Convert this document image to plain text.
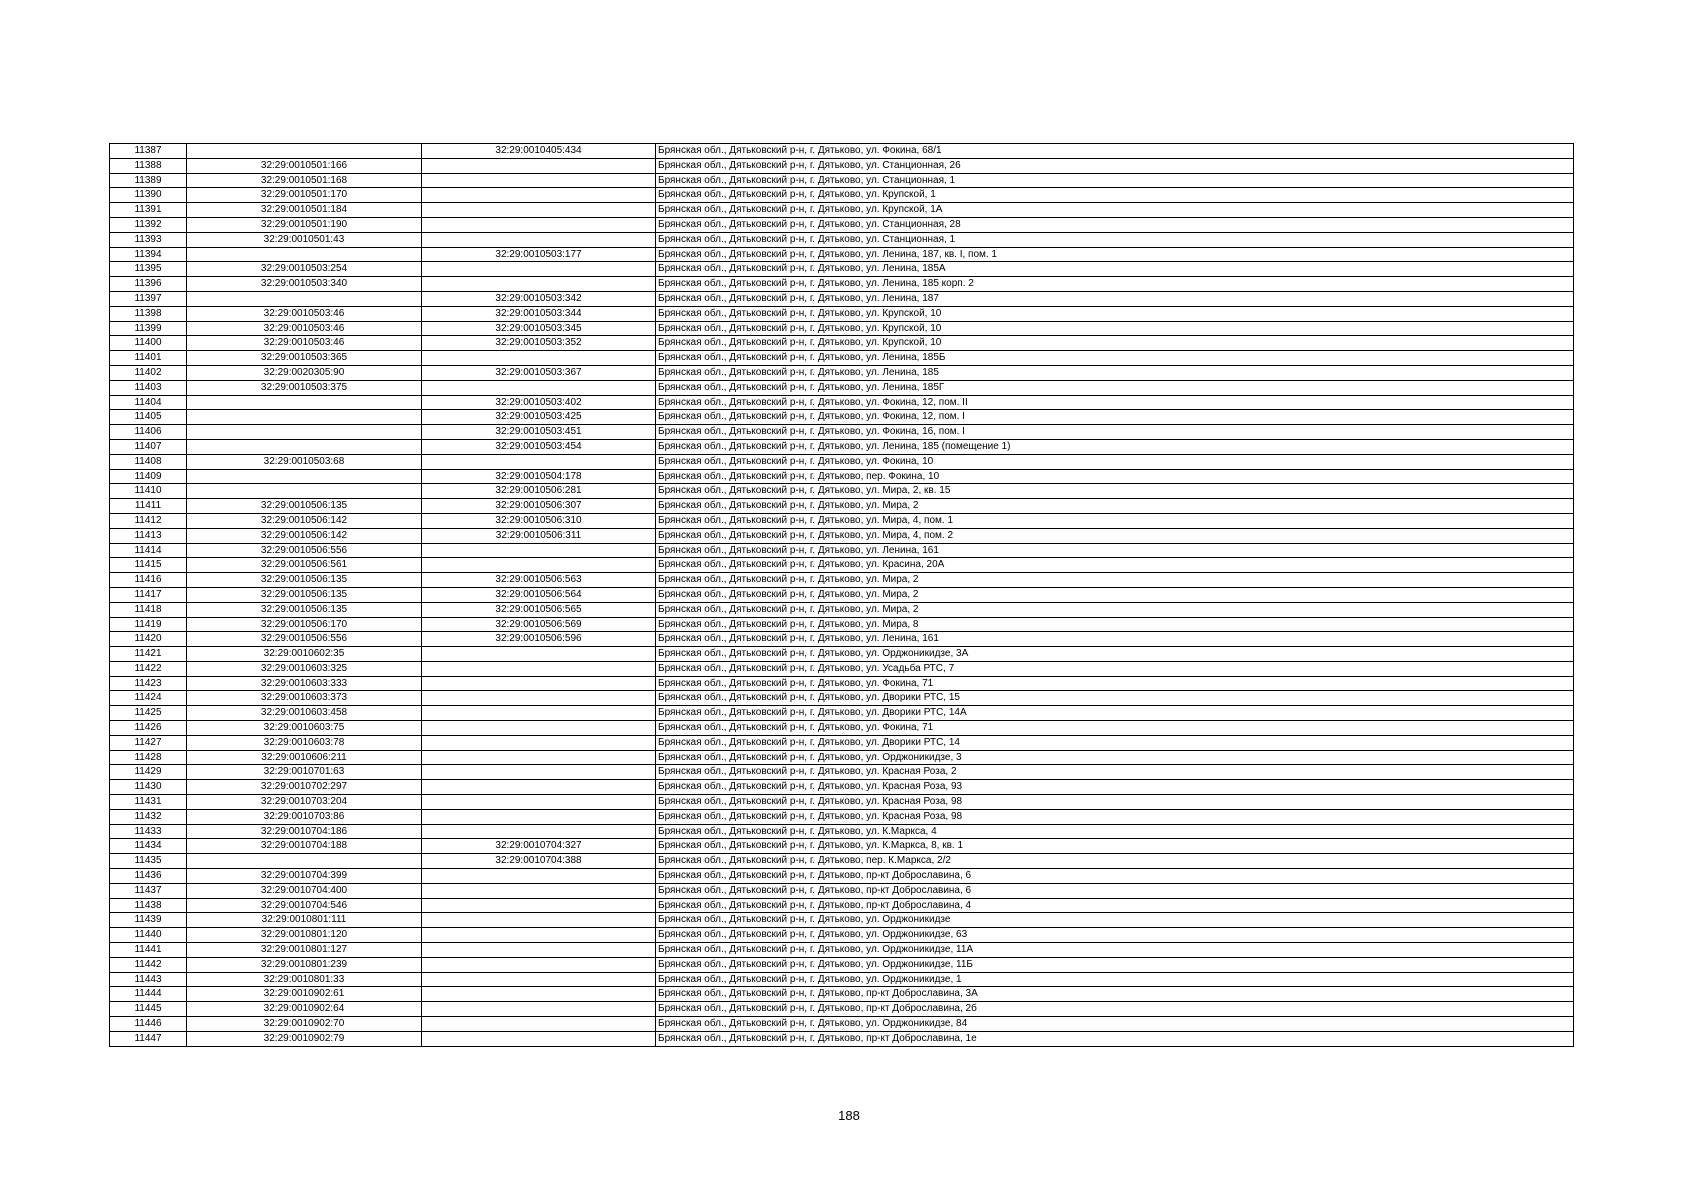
11387		32:29:0010405:434	Брянская обл., Дятьковский р-н, г. Дятьково, ул. Фокина, 68/1
11388	32:29:0010501:166		Брянская обл., Дятьковский р-н, г. Дятьково, ул. Станционная, 26
11389	32:29:0010501:168		Брянская обл., Дятьковский р-н, г. Дятьково, ул. Станционная, 1
11390	32:29:0010501:170		Брянская обл., Дятьковский р-н, г. Дятьково, ул. Крупской, 1
11391	32:29:0010501:184		Брянская обл., Дятьковский р-н, г. Дятьково, ул. Крупской, 1А
11392	32:29:0010501:190		Брянская обл., Дятьковский р-н, г. Дятьково, ул. Станционная, 28
11393	32:29:0010501:43		Брянская обл., Дятьковский р-н, г. Дятьково, ул. Станционная, 1
11394		32:29:0010503:177	Брянская обл., Дятьковский р-н, г. Дятьково, ул. Ленина, 187, кв. I, пом. 1
11395	32:29:0010503:254		Брянская обл., Дятьковский р-н, г. Дятьково, ул. Ленина, 185А
11396	32:29:0010503:340		Брянская обл., Дятьковский р-н, г. Дятьково, ул. Ленина, 185 корп. 2
11397		32:29:0010503:342	Брянская обл., Дятьковский р-н, г. Дятьково, ул. Ленина, 187
11398	32:29:0010503:46	32:29:0010503:344	Брянская обл., Дятьковский р-н, г. Дятьково, ул. Крупской, 10
11399	32:29:0010503:46	32:29:0010503:345	Брянская обл., Дятьковский р-н, г. Дятьково, ул. Крупской, 10
11400	32:29:0010503:46	32:29:0010503:352	Брянская обл., Дятьковский р-н, г. Дятьково, ул. Крупской, 10
11401	32:29:0010503:365		Брянская обл., Дятьковский р-н, г. Дятьково, ул. Ленина, 185Б
11402	32:29:0020305:90	32:29:0010503:367	Брянская обл., Дятьковский р-н, г. Дятьково, ул. Ленина, 185
11403	32:29:0010503:375		Брянская обл., Дятьковский р-н, г. Дятьково, ул. Ленина, 185Г
11404		32:29:0010503:402	Брянская обл., Дятьковский р-н, г. Дятьково, ул. Фокина, 12, пом. II
11405		32:29:0010503:425	Брянская обл., Дятьковский р-н, г. Дятьково, ул. Фокина, 12, пом. I
11406		32:29:0010503:451	Брянская обл., Дятьковский р-н, г. Дятьково, ул. Фокина, 16, пом. I
11407		32:29:0010503:454	Брянская обл., Дятьковский р-н, г. Дятьково, ул. Ленина, 185 (помещение 1)
11408	32:29:0010503:68		Брянская обл., Дятьковский р-н, г. Дятьково, ул. Фокина, 10
11409		32:29:0010504:178	Брянская обл., Дятьковский р-н, г. Дятьково, пер. Фокина, 10
11410		32:29:0010506:281	Брянская обл., Дятьковский р-н, г. Дятьково, ул. Мира, 2, кв. 15
11411	32:29:0010506:135	32:29:0010506:307	Брянская обл., Дятьковский р-н, г. Дятьково, ул. Мира, 2
11412	32:29:0010506:142	32:29:0010506:310	Брянская обл., Дятьковский р-н, г. Дятьково, ул. Мира, 4, пом. 1
11413	32:29:0010506:142	32:29:0010506:311	Брянская обл., Дятьковский р-н, г. Дятьково, ул. Мира, 4, пом. 2
11414	32:29:0010506:556		Брянская обл., Дятьковский р-н, г. Дятьково, ул. Ленина, 161
11415	32:29:0010506:561		Брянская обл., Дятьковский р-н, г. Дятьково, ул. Красина, 20А
11416	32:29:0010506:135	32:29:0010506:563	Брянская обл., Дятьковский р-н, г. Дятьково, ул. Мира, 2
11417	32:29:0010506:135	32:29:0010506:564	Брянская обл., Дятьковский р-н, г. Дятьково, ул. Мира, 2
11418	32:29:0010506:135	32:29:0010506:565	Брянская обл., Дятьковский р-н, г. Дятьково, ул. Мира, 2
11419	32:29:0010506:170	32:29:0010506:569	Брянская обл., Дятьковский р-н, г. Дятьково, ул. Мира, 8
11420	32:29:0010506:556	32:29:0010506:596	Брянская обл., Дятьковский р-н, г. Дятьково, ул. Ленина, 161
11421	32:29:0010602:35		Брянская обл., Дятьковский р-н, г. Дятьково, ул. Орджоникидзе, 3А
11422	32:29:0010603:325		Брянская обл., Дятьковский р-н, г. Дятьково, ул. Усадьба РТС, 7
11423	32:29:0010603:333		Брянская обл., Дятьковский р-н, г. Дятьково, ул. Фокина, 71
11424	32:29:0010603:373		Брянская обл., Дятьковский р-н, г. Дятьково, ул. Дворики РТС, 15
11425	32:29:0010603:458		Брянская обл., Дятьковский р-н, г. Дятьково, ул. Дворики РТС, 14А
11426	32:29:0010603:75		Брянская обл., Дятьковский р-н, г. Дятьково, ул. Фокина, 71
11427	32:29:0010603:78		Брянская обл., Дятьковский р-н, г. Дятьково, ул. Дворики РТС, 14
11428	32:29:0010606:211		Брянская обл., Дятьковский р-н, г. Дятьково, ул. Орджоникидзе, 3
11429	32:29:0010701:63		Брянская обл., Дятьковский р-н, г. Дятьково, ул. Красная Роза, 2
11430	32:29:0010702:297		Брянская обл., Дятьковский р-н, г. Дятьково, ул. Красная Роза, 93
11431	32:29:0010703:204		Брянская обл., Дятьковский р-н, г. Дятьково, ул. Красная Роза, 98
11432	32:29:0010703:86		Брянская обл., Дятьковский р-н, г. Дятьково, ул. Красная Роза, 98
11433	32:29:0010704:186		Брянская обл., Дятьковский р-н, г. Дятьково, ул. К.Маркса, 4
11434	32:29:0010704:188	32:29:0010704:327	Брянская обл., Дятьковский р-н, г. Дятьково, ул. К.Маркса, 8, кв. 1
11435		32:29:0010704:388	Брянская обл., Дятьковский р-н, г. Дятьково, пер. К.Маркса, 2/2
11436	32:29:0010704:399		Брянская обл., Дятьковский р-н, г. Дятьково, пр-кт Доброславина, 6
11437	32:29:0010704:400		Брянская обл., Дятьковский р-н, г. Дятьково, пр-кт Доброславина, 6
11438	32:29:0010704:546		Брянская обл., Дятьковский р-н, г. Дятьково, пр-кт Доброславина, 4
11439	32:29:0010801:111		Брянская обл., Дятьковский р-н, г. Дятьково, ул. Орджоникидзе
11440	32:29:0010801:120		Брянская обл., Дятьковский р-н, г. Дятьково, ул. Орджоникидзе, 63
11441	32:29:0010801:127		Брянская обл., Дятьковский р-н, г. Дятьково, ул. Орджоникидзе, 11А
11442	32:29:0010801:239		Брянская обл., Дятьковский р-н, г. Дятьково, ул. Орджоникидзе, 11Б
11443	32:29:0010801:33		Брянская обл., Дятьковский р-н, г. Дятьково, ул. Орджоникидзе, 1
11444	32:29:0010902:61		Брянская обл., Дятьковский р-н, г. Дятьково, пр-кт Доброславина, 3А
11445	32:29:0010902:64		Брянская обл., Дятьковский р-н, г. Дятьково, пр-кт Доброславина, 2б
11446	32:29:0010902:70		Брянская обл., Дятьковский р-н, г. Дятьково, ул. Орджоникидзе, 84
11447	32:29:0010902:79		Брянская обл., Дятьковский р-н, г. Дятьково, пр-кт Доброславина, 1е
188
